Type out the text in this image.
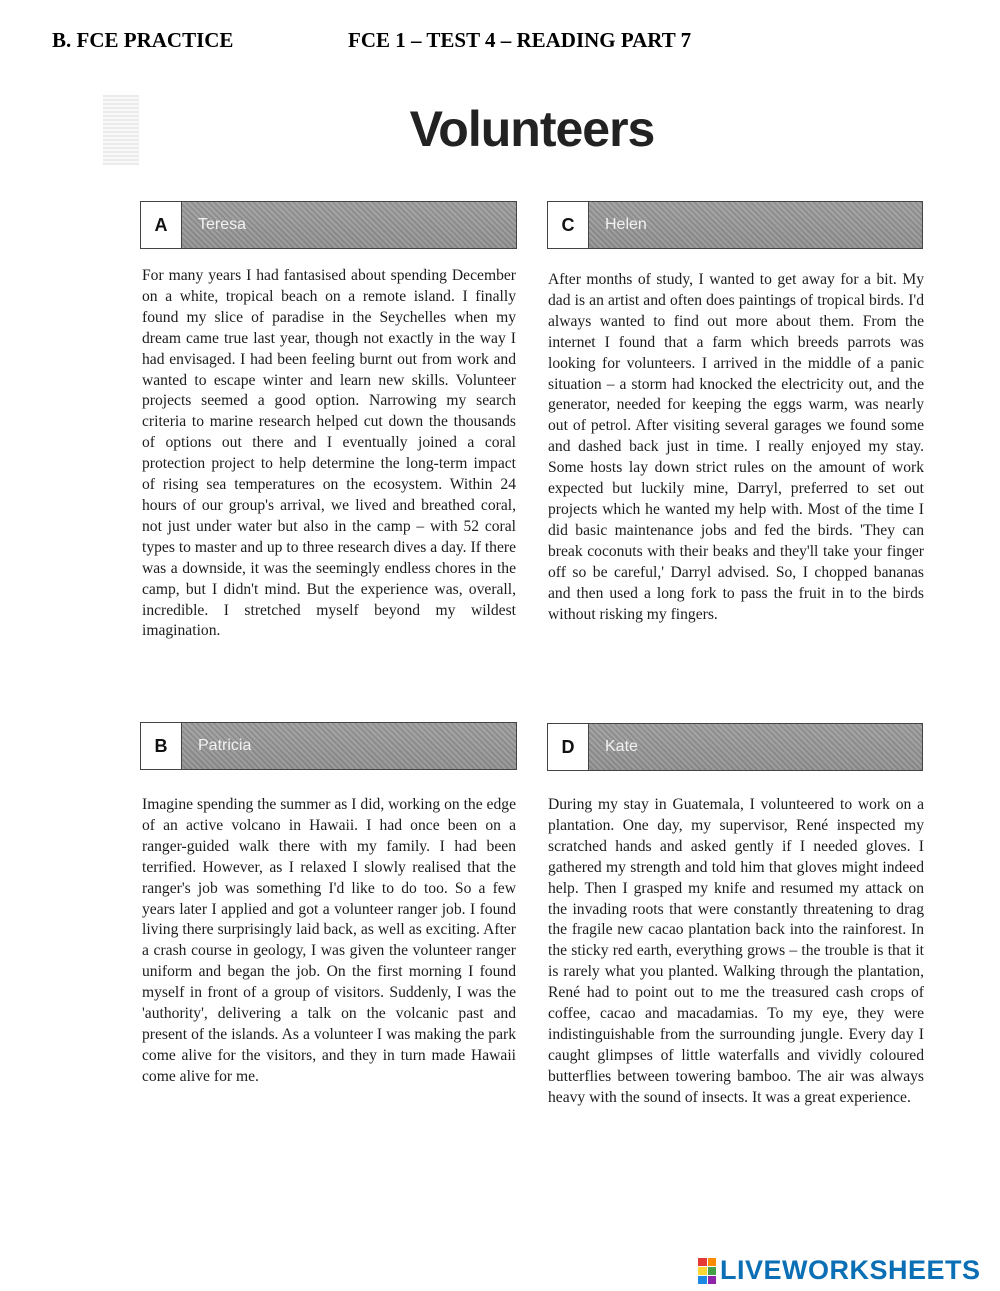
B. FCE PRACTICE	FCE 1 – TEST 4 – READING PART 7
Volunteers
A	Teresa

For many years I had fantasised about spending December on a white, tropical beach on a remote island. I finally found my slice of paradise in the Seychelles when my dream came true last year, though not exactly in the way I had envisaged. I had been feeling burnt out from work and wanted to escape winter and learn new skills. Volunteer projects seemed a good option. Narrowing my search criteria to marine research helped cut down the thousands of options out there and I eventually joined a coral protection project to help determine the long-term impact of rising sea temperatures on the ecosystem. Within 24 hours of our group's arrival, we lived and breathed coral, not just under water but also in the camp – with 52 coral types to master and up to three research dives a day. If there was a downside, it was the seemingly endless chores in the camp, but I didn't mind. But the experience was, overall, incredible. I stretched myself beyond my wildest imagination.

B	Patricia

Imagine spending the summer as I did, working on the edge of an active volcano in Hawaii. I had once been on a ranger-guided walk there with my family. I had been terrified. However, as I relaxed I slowly realised that the ranger's job was something I'd like to do too. So a few years later I applied and got a volunteer ranger job. I found living there surprisingly laid back, as well as exciting. After a crash course in geology, I was given the volunteer ranger uniform and began the job. On the first morning I found myself in front of a group of visitors. Suddenly, I was the 'authority', delivering a talk on the volcanic past and present of the islands. As a volunteer I was making the park come alive for the visitors, and they in turn made Hawaii come alive for me.

C	Helen

After months of study, I wanted to get away for a bit. My dad is an artist and often does paintings of tropical birds. I'd always wanted to find out more about them. From the internet I found that a farm which breeds parrots was looking for volunteers. I arrived in the middle of a panic situation – a storm had knocked the electricity out, and the generator, needed for keeping the eggs warm, was nearly out of petrol. After visiting several garages we found some and dashed back just in time. I really enjoyed my stay. Some hosts lay down strict rules on the amount of work expected but luckily mine, Darryl, preferred to set out projects which he wanted my help with. Most of the time I did basic maintenance jobs and fed the birds. 'They can break coconuts with their beaks and they'll take your finger off so be careful,' Darryl advised. So, I chopped bananas and then used a long fork to pass the fruit in to the birds without risking my fingers.

D	Kate

During my stay in Guatemala, I volunteered to work on a plantation. One day, my supervisor, René inspected my scratched hands and asked gently if I needed gloves. I gathered my strength and told him that gloves might indeed help. Then I grasped my knife and resumed my attack on the invading roots that were constantly threatening to drag the fragile new cacao plantation back into the rainforest. In the sticky red earth, everything grows – the trouble is that it is rarely what you planted. Walking through the plantation, René had to point out to me the treasured cash crops of coffee, cacao and macadamias. To my eye, they were indistinguishable from the surrounding jungle. Every day I caught glimpses of little waterfalls and vividly coloured butterflies between towering bamboo. The air was always heavy with the sound of insects. It was a great experience.

LIVEWORKSHEETS
